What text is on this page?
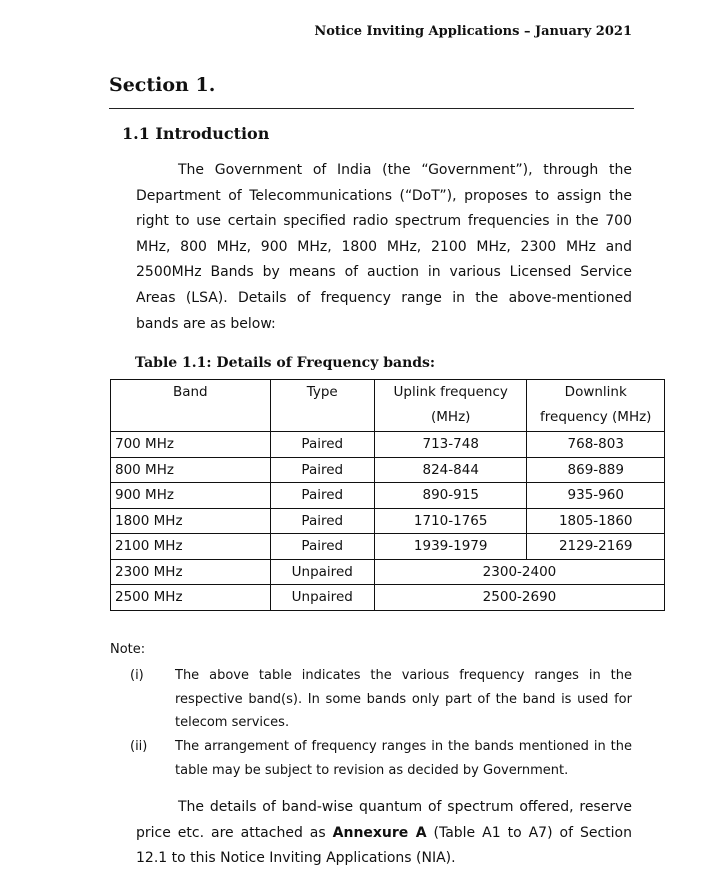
Notice Inviting Applications – January 2021
Section 1.
1.1 Introduction

The Government of India (the “Government”), through the Department of Telecommunications (“DoT”), proposes to assign the right to use certain specified radio spectrum frequencies in the 700 MHz, 800 MHz, 900 MHz, 1800 MHz, 2100 MHz, 2300 MHz and 2500MHz Bands by means of auction in various Licensed Service Areas (LSA). Details of frequency range in the above-mentioned bands are as below:

Table 1.1: Details of Frequency bands:
Band	Type	Uplink frequency (MHz)	Downlink frequency (MHz)
700 MHz	Paired	713-748	768-803
800 MHz	Paired	824-844	869-889
900 MHz	Paired	890-915	935-960
1800 MHz	Paired	1710-1765	1805-1860
2100 MHz	Paired	1939-1979	2129-2169
2300 MHz	Unpaired	2300-2400	
2500 MHz	Unpaired	2500-2690	
Note:
(i) The above table indicates the various frequency ranges in the respective band(s). In some bands only part of the band is used for telecom services.
(ii) The arrangement of frequency ranges in the bands mentioned in the table may be subject to revision as decided by Government.

The details of band-wise quantum of spectrum offered, reserve price etc. are attached as Annexure A (Table A1 to A7) of Section 12.1 to this Notice Inviting Applications (NIA).
